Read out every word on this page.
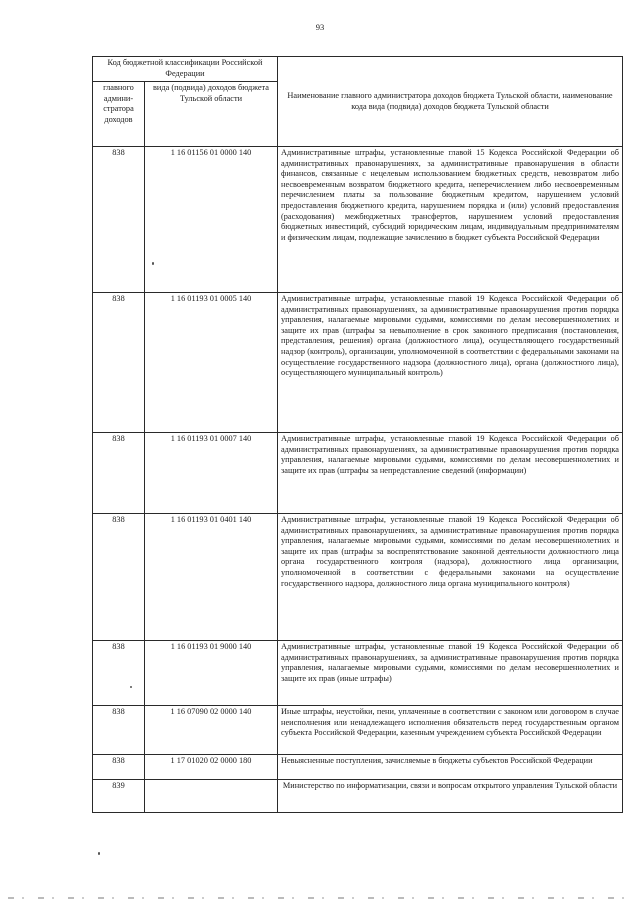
93
Код бюджетной классификации Российской Федерации		Наименование главного администратора доходов бюджета Тульской области, наименование кода вида (подвида) доходов бюджета Тульской области
главного админи-стратора доходов	вида (подвида) доходов бюджета Тульской области	
838	1 16 01156 01 0000 140	Административные штрафы, установленные главой 15 Кодекса Российской Федерации об административных правонарушениях, за административные правонарушения в области финансов, связанные с нецелевым использованием бюджетных средств, невозвратом либо несвоевременным возвратом бюджетного кредита, неперечислением либо несвоевременным перечислением платы за пользование бюджетным кредитом, нарушением условий предоставления бюджетного кредита, нарушением порядка и (или) условий предоставления (расходования) межбюджетных трансфертов, нарушением условий предоставления бюджетных инвестиций, субсидий юридическим лицам, индивидуальным предпринимателям и физическим лицам, подлежащие зачислению в бюджет субъекта Российской Федерации
838	1 16 01193 01 0005 140	Административные штрафы, установленные главой 19 Кодекса Российской Федерации об административных правонарушениях, за административные правонарушения против порядка управления, налагаемые мировыми судьями, комиссиями по делам несовершеннолетних и защите их прав (штрафы за невыполнение в срок законного предписания (постановления, представления, решения) органа (должностного лица), осуществляющего государственный надзор (контроль), организации, уполномоченной в соответствии с федеральными законами на осуществление государственного надзора (должностного лица), органа (должностного лица), осуществляющего муниципальный контроль)
838	1 16 01193 01 0007 140	Административные штрафы, установленные главой 19 Кодекса Российской Федерации об административных правонарушениях, за административные правонарушения против порядка управления, налагаемые мировыми судьями, комиссиями по делам несовершеннолетних и защите их прав (штрафы за непредставление сведений (информации)
838	1 16 01193 01 0401 140	Административные штрафы, установленные главой 19 Кодекса Российской Федерации об административных правонарушениях, за административные правонарушения против порядка управления, налагаемые мировыми судьями, комиссиями по делам несовершеннолетних и защите их прав (штрафы за воспрепятствование законной деятельности должностного лица органа государственного контроля (надзора), должностного лица организации, уполномоченной в соответствии с федеральными законами на осуществление государственного надзора, должностного лица органа муниципального контроля)
838	1 16 01193 01 9000 140	Административные штрафы, установленные главой 19 Кодекса Российской Федерации об административных правонарушениях, за административные правонарушения против порядка управления, налагаемые мировыми судьями, комиссиями по делам несовершеннолетних и защите их прав (иные штрафы)
838	1 16 07090 02 0000 140	Иные штрафы, неустойки, пени, уплаченные в соответствии с законом или договором в случае неисполнения или ненадлежащего исполнения обязательств перед государственным органом субъекта Российской Федерации, казенным учреждением субъекта Российской Федерации
838	1 17 01020 02 0000 180	Невыясненные поступления, зачисляемые в бюджеты субъектов Российской Федерации
839		Министерство по информатизации, связи и вопросам открытого управления Тульской области
